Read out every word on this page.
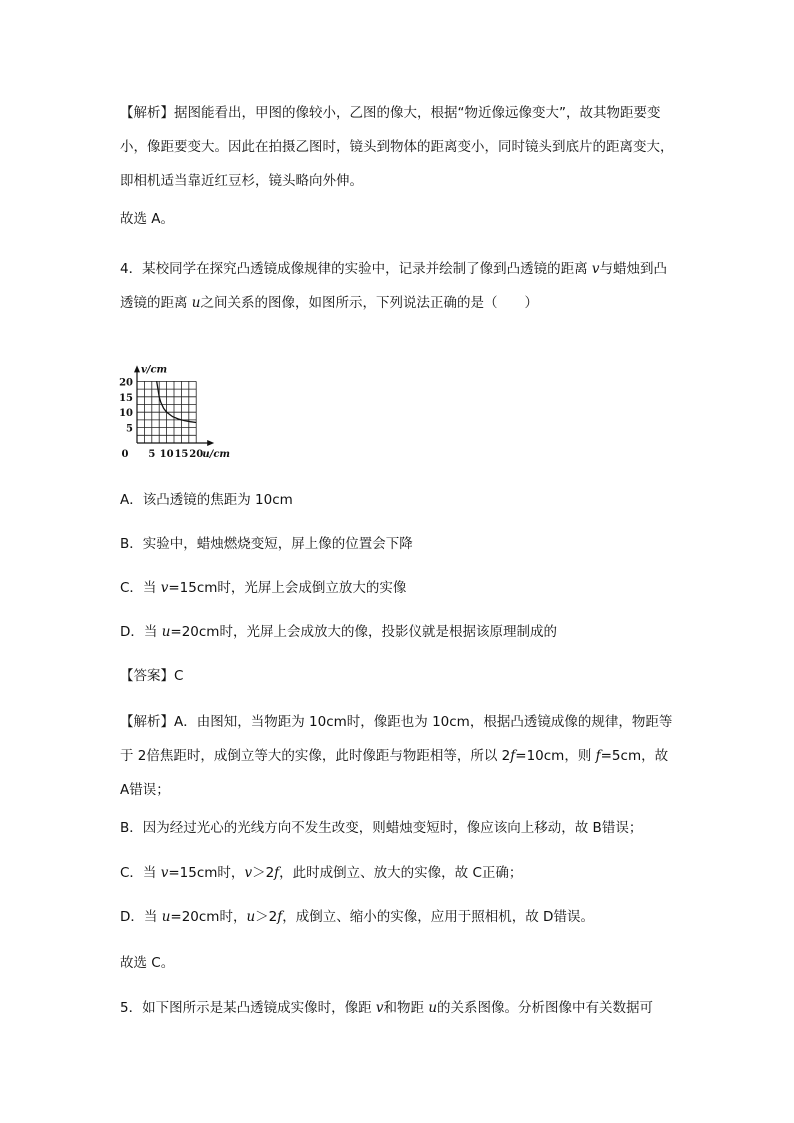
【解析】据图能看出，甲图的像较小，乙图的像大，根据“物近像远像变大”，故其物距要变小，像距要变大。因此在拍摄乙图时，镜头到物体的距离变小，同时镜头到底片的距离变大，即相机适当靠近红豆杉，镜头略向外伸。

故选 A。

4．某校同学在探究凸透镜成像规律的实验中，记录并绘制了像到凸透镜的距离 v与蜡烛到凸透镜的距离 u之间关系的图像，如图所示，下列说法正确的是（　　）

0 5 10 15 20
5
10
15
20
u/cm
v/cm

A．该凸透镜的焦距为 10cm

B．实验中，蜡烛燃烧变短，屏上像的位置会下降

C．当 v=15cm时，光屏上会成倒立放大的实像

D．当 u=20cm时，光屏上会成放大的像，投影仪就是根据该原理制成的

【答案】C

【解析】A．由图知，当物距为 10cm时，像距也为 10cm，根据凸透镜成像的规律，物距等于 2倍焦距时，成倒立等大的实像，此时像距与物距相等，所以 2f=10cm，则 f=5cm，故 A错误；

B．因为经过光心的光线方向不发生改变，则蜡烛变短时，像应该向上移动，故 B错误；

C．当 v=15cm时，v＞2f，此时成倒立、放大的实像，故 C正确；

D．当 u=20cm时，u＞2f，成倒立、缩小的实像，应用于照相机，故 D错误。

故选 C。

5．如下图所示是某凸透镜成实像时，像距 v和物距 u的关系图像。分析图像中有关数据可
